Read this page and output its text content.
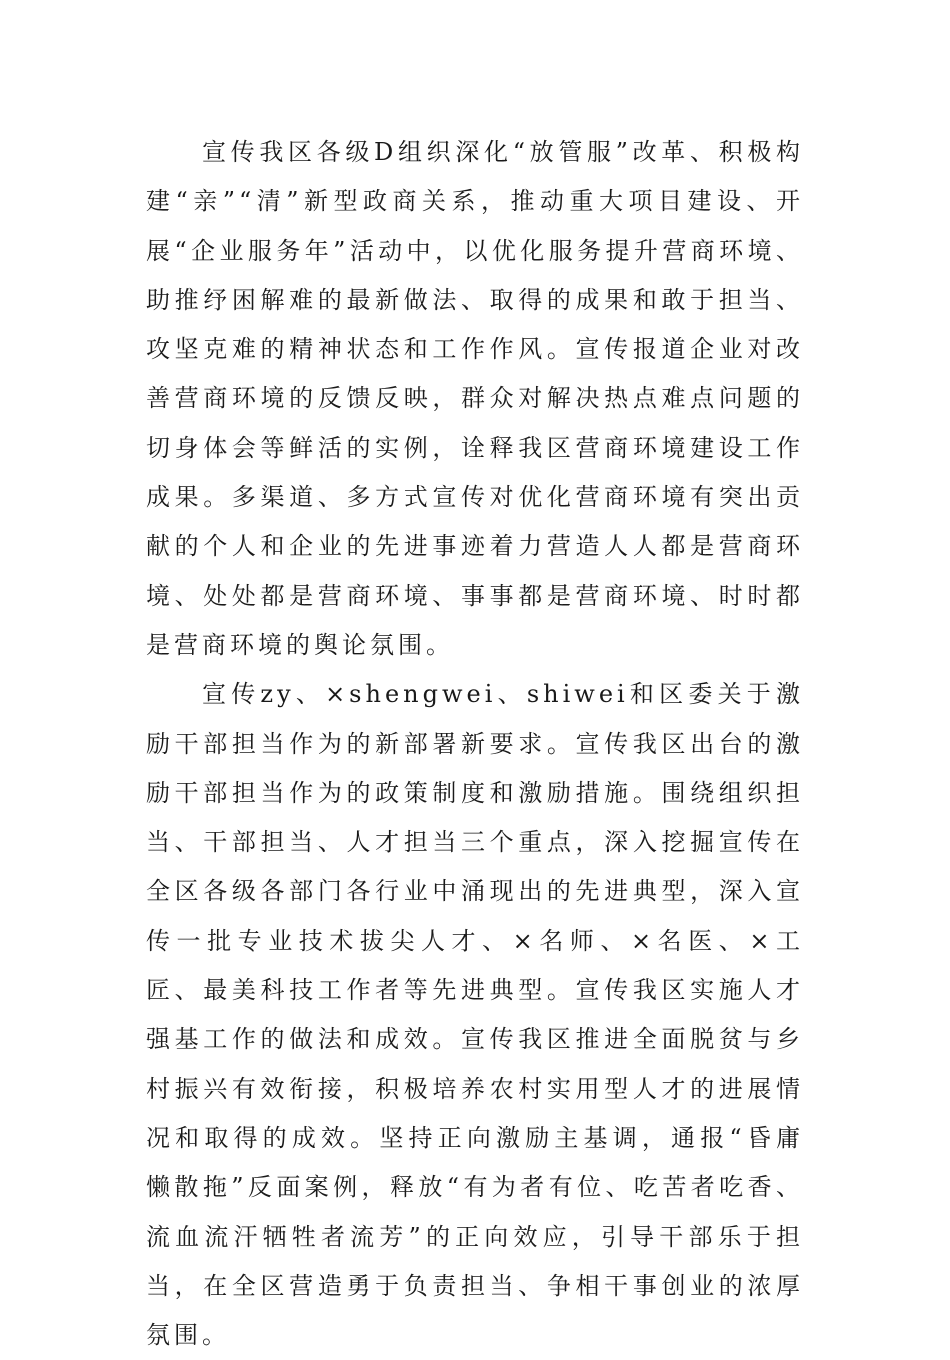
宣传我区各级D组织深化“放管服”改革、积极构建“亲”“清”新型政商关系，推动重大项目建设、开展“企业服务年”活动中，以优化服务提升营商环境、助推纾困解难的最新做法、取得的成果和敢于担当、攻坚克难的精神状态和工作作风。宣传报道企业对改善营商环境的反馈反映，群众对解决热点难点问题的切身体会等鲜活的实例，诠释我区营商环境建设工作成果。多渠道、多方式宣传对优化营商环境有突出贡献的个人和企业的先进事迹着力营造人人都是营商环境、处处都是营商环境、事事都是营商环境、时时都是营商环境的舆论氛围。

宣传zy、×shengwei、shiwei和区委关于激励干部担当作为的新部署新要求。宣传我区出台的激励干部担当作为的政策制度和激励措施。围绕组织担当、干部担当、人才担当三个重点，深入挖掘宣传在全区各级各部门各行业中涌现出的先进典型，深入宣传一批专业技术拔尖人才、×名师、×名医、×工匠、最美科技工作者等先进典型。宣传我区实施人才强基工作的做法和成效。宣传我区推进全面脱贫与乡村振兴有效衔接，积极培养农村实用型人才的进展情况和取得的成效。坚持正向激励主基调，通报“昏庸懒散拖”反面案例，释放“有为者有位、吃苦者吃香、流血流汗牺牲者流芳”的正向效应，引导干部乐于担当，在全区营造勇于负责担当、争相干事创业的浓厚氛围。
